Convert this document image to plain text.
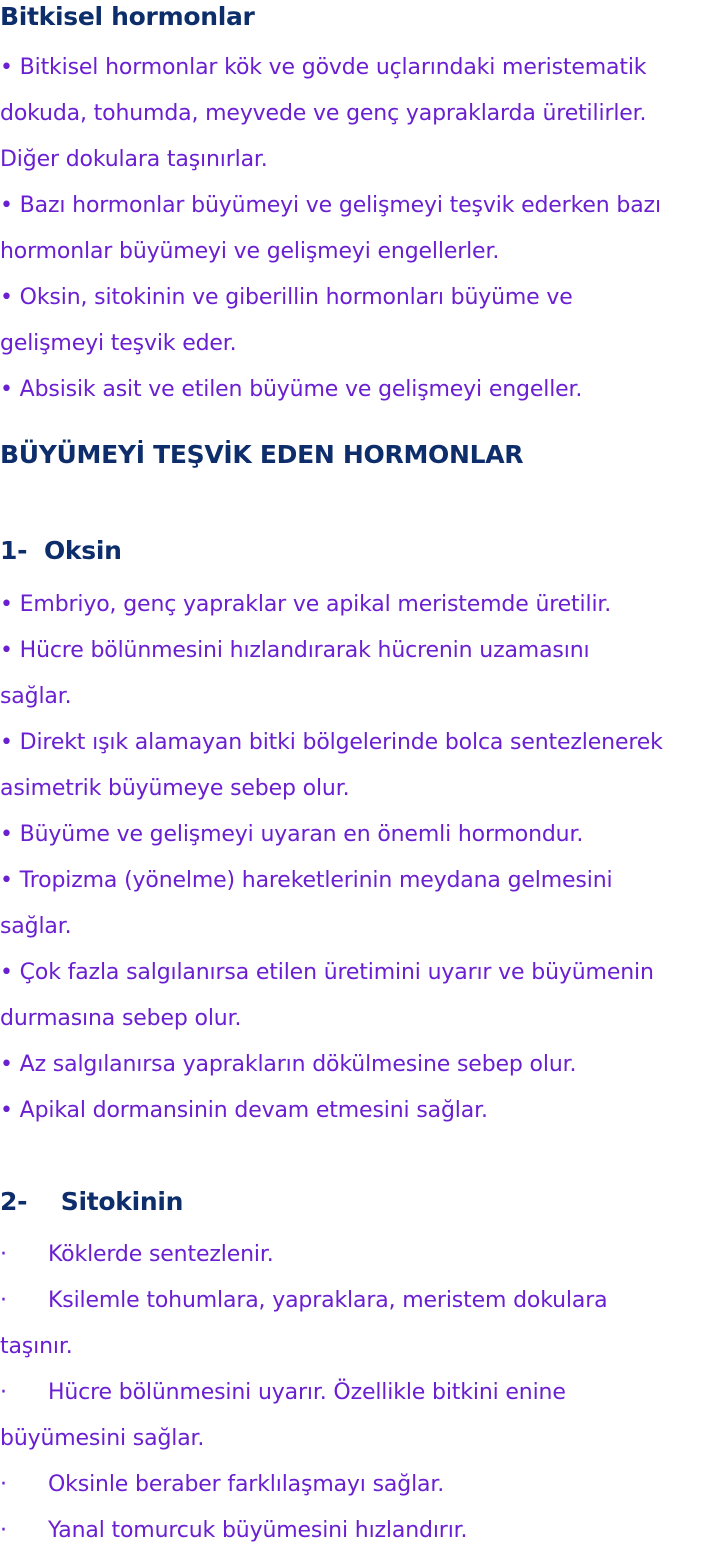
Bitkisel hormonlar
• Bitkisel hormonlar kök ve gövde uçlarındaki meristematik
dokuda, tohumda, meyvede ve genç yapraklarda üretilirler.
Diğer dokulara taşınırlar.
• Bazı hormonlar büyümeyi ve gelişmeyi teşvik ederken bazı
hormonlar büyümeyi ve gelişmeyi engellerler.
• Oksin, sitokinin ve giberillin hormonları büyüme ve
gelişmeyi teşvik eder.
• Absisik asit ve etilen büyüme ve gelişmeyi engeller.
BÜYÜMEYİ TEŞVİK EDEN HORMONLAR
1-  Oksin
• Embriyo, genç yapraklar ve apikal meristemde üretilir.
• Hücre bölünmesini hızlandırarak hücrenin uzamasını
sağlar.
• Direkt ışık alamayan bitki bölgelerinde bolca sentezlenerek
asimetrik büyümeye sebep olur.
• Büyüme ve gelişmeyi uyaran en önemli hormondur.
• Tropizma (yönelme) hareketlerinin meydana gelmesini
sağlar.
• Çok fazla salgılanırsa etilen üretimini uyarır ve büyümenin
durmasına sebep olur.
• Az salgılanırsa yaprakların dökülmesine sebep olur.
• Apikal dormansinin devam etmesini sağlar.
2- Sitokinin
· Köklerde sentezlenir.
· Ksilemle tohumlara, yapraklara, meristem dokulara
taşınır.
· Hücre bölünmesini uyarır. Özellikle bitkini enine
büyümesini sağlar.
· Oksinle beraber farklılaşmayı sağlar.
· Yanal tomurcuk büyümesini hızlandırır.
